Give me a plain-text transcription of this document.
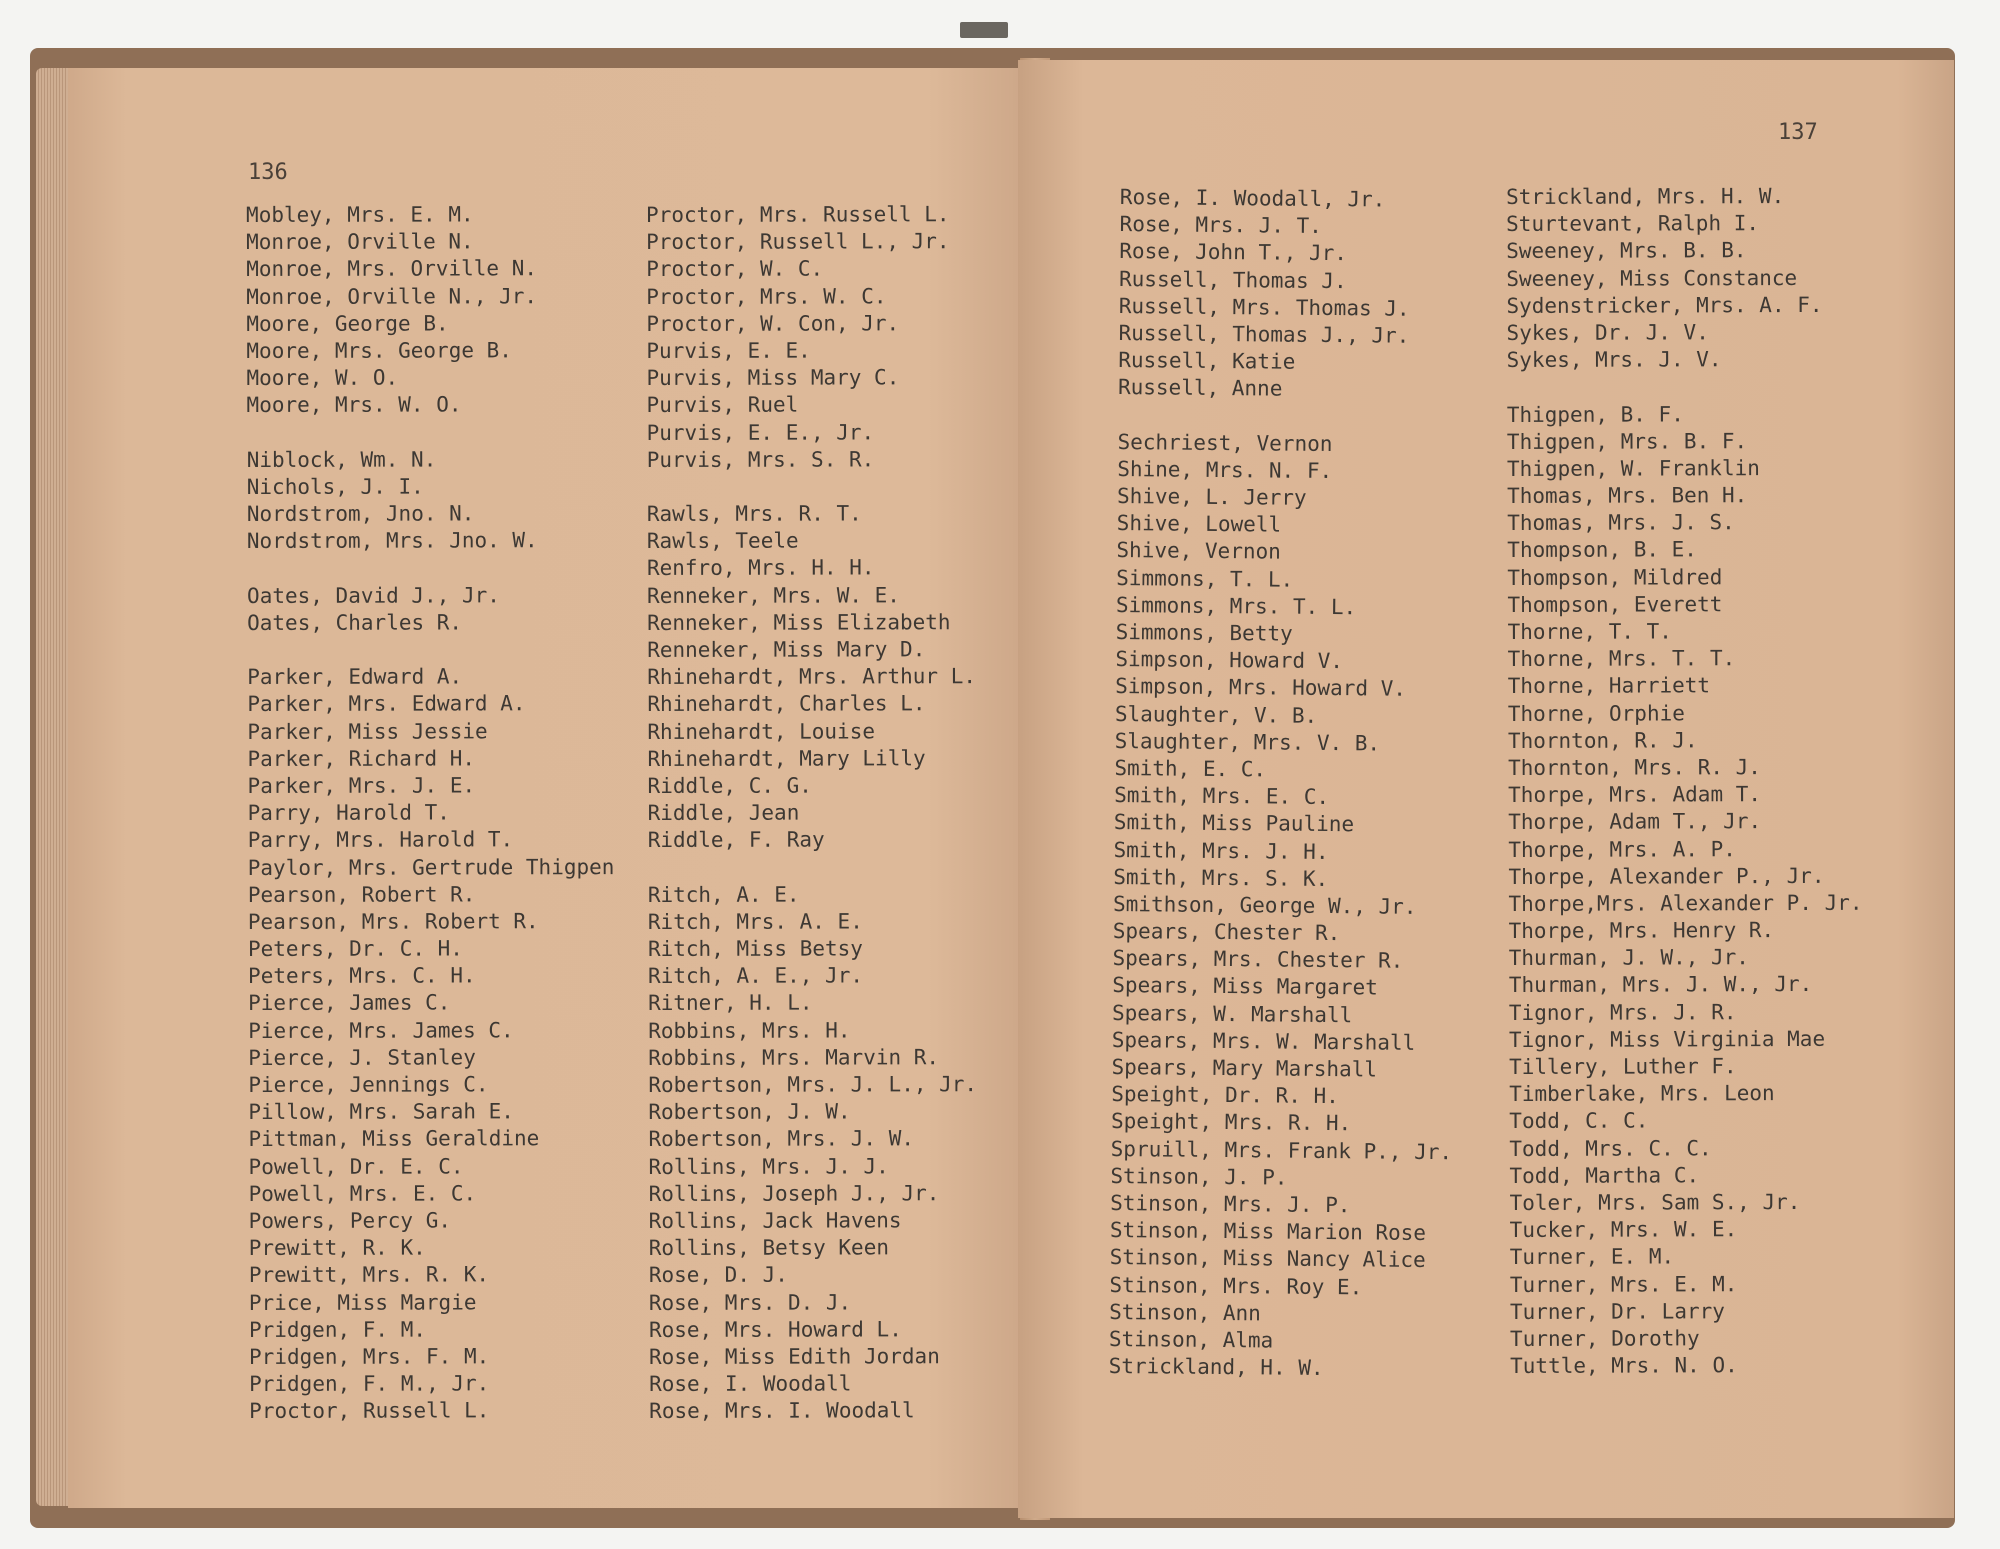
136
Mobley, Mrs. E. M.
Monroe, Orville N.
Monroe, Mrs. Orville N.
Monroe, Orville N., Jr.
Moore, George B.
Moore, Mrs. George B.
Moore, W. O.
Moore, Mrs. W. O.
Niblock, Wm. N.
Nichols, J. I.
Nordstrom, Jno. N.
Nordstrom, Mrs. Jno. W.
Oates, David J., Jr.
Oates, Charles R.
Parker, Edward A.
Parker, Mrs. Edward A.
Parker, Miss Jessie
Parker, Richard H.
Parker, Mrs. J. E.
Parry, Harold T.
Parry, Mrs. Harold T.
Paylor, Mrs. Gertrude Thigpen
Pearson, Robert R.
Pearson, Mrs. Robert R.
Peters, Dr. C. H.
Peters, Mrs. C. H.
Pierce, James C.
Pierce, Mrs. James C.
Pierce, J. Stanley
Pierce, Jennings C.
Pillow, Mrs. Sarah E.
Pittman, Miss Geraldine
Powell, Dr. E. C.
Powell, Mrs. E. C.
Powers, Percy G.
Prewitt, R. K.
Prewitt, Mrs. R. K.
Price, Miss Margie
Pridgen, F. M.
Pridgen, Mrs. F. M.
Pridgen, F. M., Jr.
Proctor, Russell L.
Proctor, Mrs. Russell L.
Proctor, Russell L., Jr.
Proctor, W. C.
Proctor, Mrs. W. C.
Proctor, W. Con, Jr.
Purvis, E. E.
Purvis, Miss Mary C.
Purvis, Ruel
Purvis, E. E., Jr.
Purvis, Mrs. S. R.
Rawls, Mrs. R. T.
Rawls, Teele
Renfro, Mrs. H. H.
Renneker, Mrs. W. E.
Renneker, Miss Elizabeth
Renneker, Miss Mary D.
Rhinehardt, Mrs. Arthur L.
Rhinehardt, Charles L.
Rhinehardt, Louise
Rhinehardt, Mary Lilly
Riddle, C. G.
Riddle, Jean
Riddle, F. Ray
Ritch, A. E.
Ritch, Mrs. A. E.
Ritch, Miss Betsy
Ritch, A. E., Jr.
Ritner, H. L.
Robbins, Mrs. H.
Robbins, Mrs. Marvin R.
Robertson, Mrs. J. L., Jr.
Robertson, J. W.
Robertson, Mrs. J. W.
Rollins, Mrs. J. J.
Rollins, Joseph J., Jr.
Rollins, Jack Havens
Rollins, Betsy Keen
Rose, D. J.
Rose, Mrs. D. J.
Rose, Mrs. Howard L.
Rose, Miss Edith Jordan
Rose, I. Woodall
Rose, Mrs. I. Woodall
137
Rose, I. Woodall, Jr.
Rose, Mrs. J. T.
Rose, John T., Jr.
Russell, Thomas J.
Russell, Mrs. Thomas J.
Russell, Thomas J., Jr.
Russell, Katie
Russell, Anne
Sechriest, Vernon
Shine, Mrs. N. F.
Shive, L. Jerry
Shive, Lowell
Shive, Vernon
Simmons, T. L.
Simmons, Mrs. T. L.
Simmons, Betty
Simpson, Howard V.
Simpson, Mrs. Howard V.
Slaughter, V. B.
Slaughter, Mrs. V. B.
Smith, E. C.
Smith, Mrs. E. C.
Smith, Miss Pauline
Smith, Mrs. J. H.
Smith, Mrs. S. K.
Smithson, George W., Jr.
Spears, Chester R.
Spears, Mrs. Chester R.
Spears, Miss Margaret
Spears, W. Marshall
Spears, Mrs. W. Marshall
Spears, Mary Marshall
Speight, Dr. R. H.
Speight, Mrs. R. H.
Spruill, Mrs. Frank P., Jr.
Stinson, J. P.
Stinson, Mrs. J. P.
Stinson, Miss Marion Rose
Stinson, Miss Nancy Alice
Stinson, Mrs. Roy E.
Stinson, Ann
Stinson, Alma
Strickland, H. W.
Strickland, Mrs. H. W.
Sturtevant, Ralph I.
Sweeney, Mrs. B. B.
Sweeney, Miss Constance
Sydenstricker, Mrs. A. F.
Sykes, Dr. J. V.
Sykes, Mrs. J. V.
Thigpen, B. F.
Thigpen, Mrs. B. F.
Thigpen, W. Franklin
Thomas, Mrs. Ben H.
Thomas, Mrs. J. S.
Thompson, B. E.
Thompson, Mildred
Thompson, Everett
Thorne, T. T.
Thorne, Mrs. T. T.
Thorne, Harriett
Thorne, Orphie
Thornton, R. J.
Thornton, Mrs. R. J.
Thorpe, Mrs. Adam T.
Thorpe, Adam T., Jr.
Thorpe, Mrs. A. P.
Thorpe, Alexander P., Jr.
Thorpe,Mrs. Alexander P. Jr.
Thorpe, Mrs. Henry R.
Thurman, J. W., Jr.
Thurman, Mrs. J. W., Jr.
Tignor, Mrs. J. R.
Tignor, Miss Virginia Mae
Tillery, Luther F.
Timberlake, Mrs. Leon
Todd, C. C.
Todd, Mrs. C. C.
Todd, Martha C.
Toler, Mrs. Sam S., Jr.
Tucker, Mrs. W. E.
Turner, E. M.
Turner, Mrs. E. M.
Turner, Dr. Larry
Turner, Dorothy
Tuttle, Mrs. N. O.
